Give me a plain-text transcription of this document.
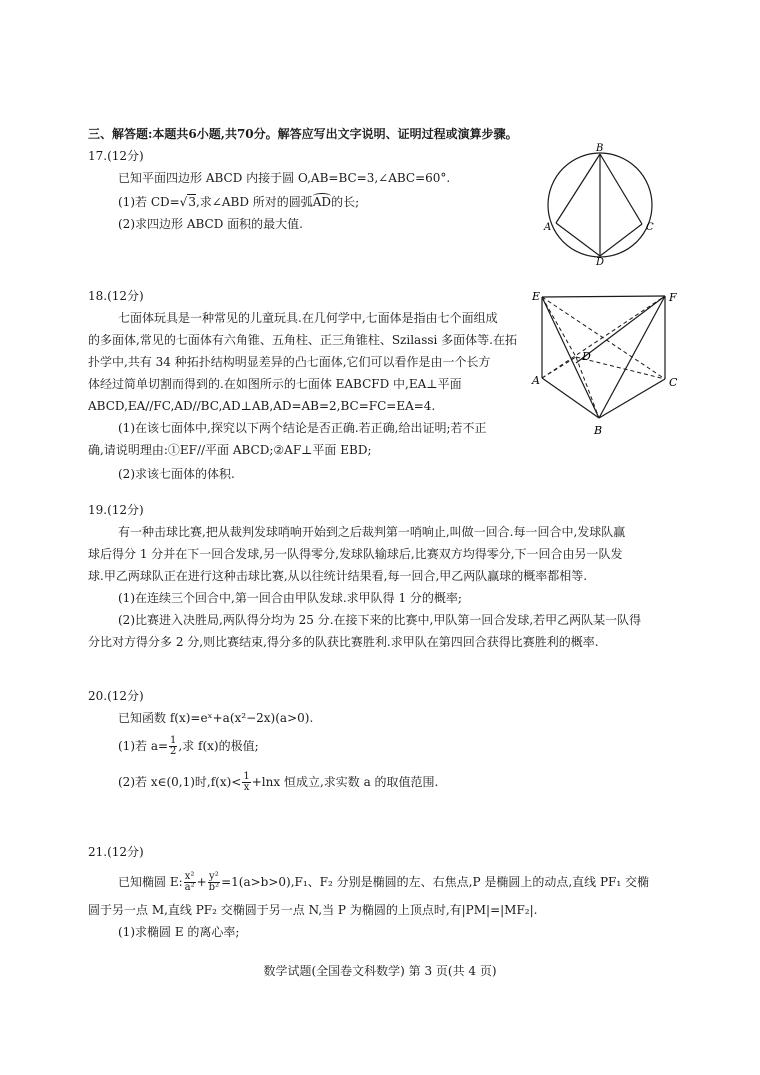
三、解答题:本题共6小题,共70分。解答应写出文字说明、证明过程或演算步骤。
17.(12分)
已知平面四边形 ABCD 内接于圆 O,AB=BC=3,∠ABC=60°.
(1)若 CD=√3,求∠ABD 所对的圆弧AD的长;
(2)求四边形 ABCD 面积的最大值.
B
A	C
D
18.(12分)
七面体玩具是一种常见的儿童玩具.在几何学中,七面体是指由七个面组成
的多面体,常见的七面体有六角锥、五角柱、正三角锥柱、Szilassi 多面体等.在拓
扑学中,共有 34 种拓扑结构明显差异的凸七面体,它们可以看作是由一个长方
体经过简单切割而得到的.在如图所示的七面体 EABCFD 中,EA⊥平面
ABCD,EA//FC,AD//BC,AD⊥AB,AD=AB=2,BC=FC=EA=4.
(1)在该七面体中,探究以下两个结论是否正确.若正确,给出证明;若不正
确,请说明理由:①EF//平面 ABCD;②AF⊥平面 EBD;
(2)求该七面体的体积.
E	F
A	C
B
D
19.(12分)
有一种击球比赛,把从裁判发球哨响开始到之后裁判第一哨响止,叫做一回合.每一回合中,发球队赢
球后得分 1 分并在下一回合发球,另一队得零分,发球队输球后,比赛双方均得零分,下一回合由另一队发
球.甲乙两球队正在进行这种击球比赛,从以往统计结果看,每一回合,甲乙两队赢球的概率都相等.
(1)在连续三个回合中,第一回合由甲队发球.求甲队得 1 分的概率;
(2)比赛进入决胜局,两队得分均为 25 分.在接下来的比赛中,甲队第一回合发球,若甲乙两队某一队得
分比对方得分多 2 分,则比赛结束,得分多的队获比赛胜利.求甲队在第四回合获得比赛胜利的概率.
20.(12分)
已知函数 f(x)=eˣ+a(x²−2x)(a>0).
(1)若 $a= \frac{1}{2}$ ,求 f(x)的极值;
(2)若 x∈(0,1)时$,f(x)< \frac{1}{x} +\ln x$ 恒成立,求实数 a 的取值范围.
21.(12分)
已知椭圆 E: $\frac{\text{x²}}{\text{a²}} + \frac{\text{y²}}{\text{b²}} =1(a>b>0),F_1$、F₂ 分别是椭圆的左、右焦点,P 是椭圆上的动点,直线 PF₁ 交椭
圆于另一点 M,直线 PF₂ 交椭圆于另一点 N,当 P 为椭圆的上顶点时,有|PM|=|MF₂|.
(1)求椭圆 E 的离心率;
数学试题(全国卷文科数学) 第 3 页(共 4 页)
